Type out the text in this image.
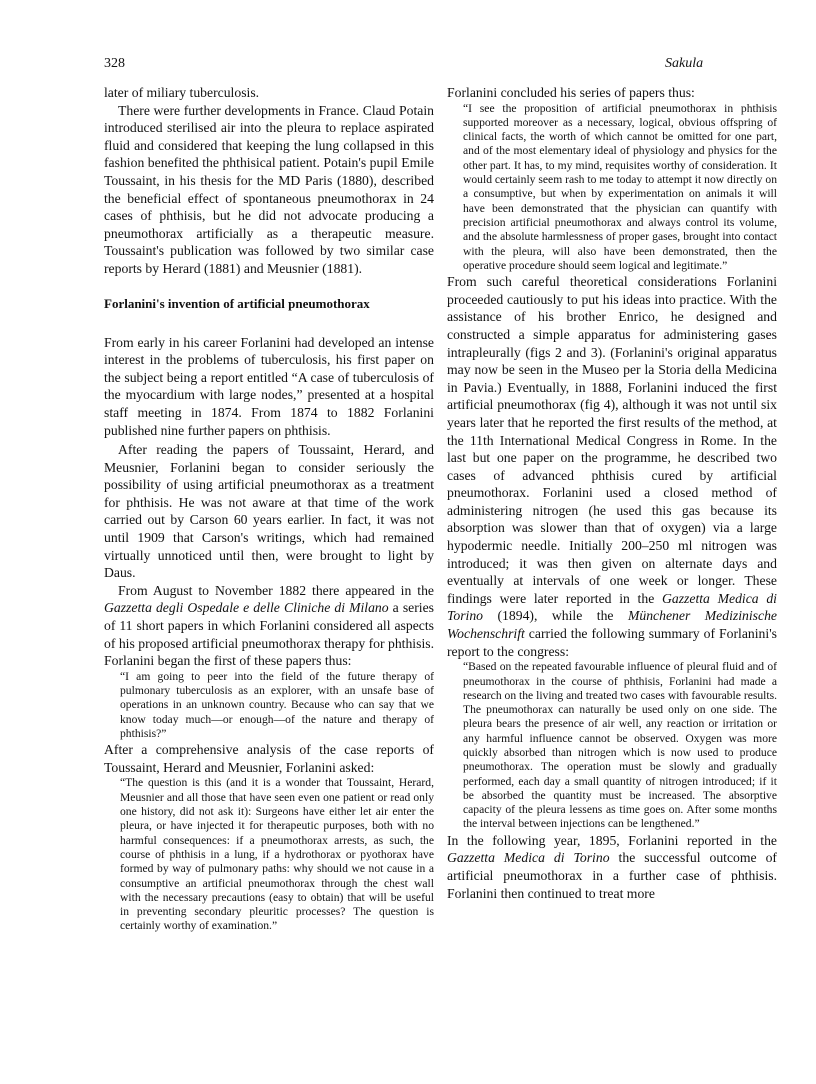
328	Sakula

later of miliary tuberculosis.

There were further developments in France. Claud Potain introduced sterilised air into the pleura to replace aspirated fluid and considered that keeping the lung collapsed in this fashion benefited the phthisical patient. Potain's pupil Emile Toussaint, in his thesis for the MD Paris (1880), described the beneficial effect of spontaneous pneumothorax in 24 cases of phthisis, but he did not advocate producing a pneumothorax artificially as a therapeutic measure. Toussaint's publication was followed by two similar case reports by Herard (1881) and Meusnier (1881).

Forlanini's invention of artificial pneumothorax

From early in his career Forlanini had developed an intense interest in the problems of tuberculosis, his first paper on the subject being a report entitled “A case of tuberculosis of the myocardium with large nodes,” presented at a hospital staff meeting in 1874. From 1874 to 1882 Forlanini published nine further papers on phthisis.

After reading the papers of Toussaint, Herard, and Meusnier, Forlanini began to consider seriously the possibility of using artificial pneumothorax as a treatment for phthisis. He was not aware at that time of the work carried out by Carson 60 years earlier. In fact, it was not until 1909 that Carson's writings, which had remained virtually unnoticed until then, were brought to light by Daus.

From August to November 1882 there appeared in the Gazzetta degli Ospedale e delle Cliniche di Milano a series of 11 short papers in which Forlanini considered all aspects of his proposed artificial pneumothorax therapy for phthisis. Forlanini began the first of these papers thus:

“I am going to peer into the field of the future therapy of pulmonary tuberculosis as an explorer, with an unsafe base of operations in an unknown country. Because who can say that we know today much—or enough—of the nature and therapy of phthisis?”

After a comprehensive analysis of the case reports of Toussaint, Herard and Meusnier, Forlanini asked:

“The question is this (and it is a wonder that Toussaint, Herard, Meusnier and all those that have seen even one patient or read only one history, did not ask it): Surgeons have either let air enter the pleura, or have injected it for therapeutic purposes, both with no harmful consequences: if a pneumothorax arrests, as such, the course of phthisis in a lung, if a hydrothorax or pyothorax have formed by way of pulmonary paths: why should we not cause in a consumptive an artificial pneumothorax through the chest wall with the necessary precautions (easy to obtain) that will be useful in preventing secondary pleuritic processes? The question is certainly worthy of examination.”

Forlanini concluded his series of papers thus:

“I see the proposition of artificial pneumothorax in phthisis supported moreover as a necessary, logical, obvious offspring of clinical facts, the worth of which cannot be omitted for one part, and of the most elementary ideal of physiology and physics for the other part. It has, to my mind, requisites worthy of consideration. It would certainly seem rash to me today to attempt it now directly on a consumptive, but when by experimentation on animals it will have been demonstrated that the physician can quantify with precision artificial pneumothorax and always control its volume, and the absolute harmlessness of proper gases, brought into contact with the pleura, will also have been demonstrated, then the operative procedure should seem logical and legitimate.”

From such careful theoretical considerations Forlanini proceeded cautiously to put his ideas into practice. With the assistance of his brother Enrico, he designed and constructed a simple apparatus for administering gases intrapleurally (figs 2 and 3). (Forlanini's original apparatus may now be seen in the Museo per la Storia della Medicina in Pavia.) Eventually, in 1888, Forlanini induced the first artificial pneumothorax (fig 4), although it was not until six years later that he reported the first results of the method, at the 11th International Medical Congress in Rome. In the last but one paper on the programme, he described two cases of advanced phthisis cured by artificial pneumothorax. Forlanini used a closed method of administering nitrogen (he used this gas because its absorption was slower than that of oxygen) via a large hypodermic needle. Initially 200–250 ml nitrogen was introduced; it was then given on alternate days and eventually at intervals of one week or longer. These findings were later reported in the Gazzetta Medica di Torino (1894), while the Münchener Medizinische Wochenschrift carried the following summary of Forlanini's report to the congress:

“Based on the repeated favourable influence of pleural fluid and of pneumothorax in the course of phthisis, Forlanini had made a research on the living and treated two cases with favourable results. The pneumothorax can naturally be used only on one side. The pleura bears the presence of air well, any reaction or irritation or any harmful influence cannot be observed. Oxygen was more quickly absorbed than nitrogen which is now used to produce pneumothorax. The operation must be slowly and gradually performed, each day a small quantity of nitrogen introduced; if it be absorbed the quantity must be increased. The absorptive capacity of the pleura lessens as time goes on. After some months the interval between injections can be lengthened.”

In the following year, 1895, Forlanini reported in the Gazzetta Medica di Torino the successful outcome of artificial pneumothorax in a further case of phthisis. Forlanini then continued to treat more
